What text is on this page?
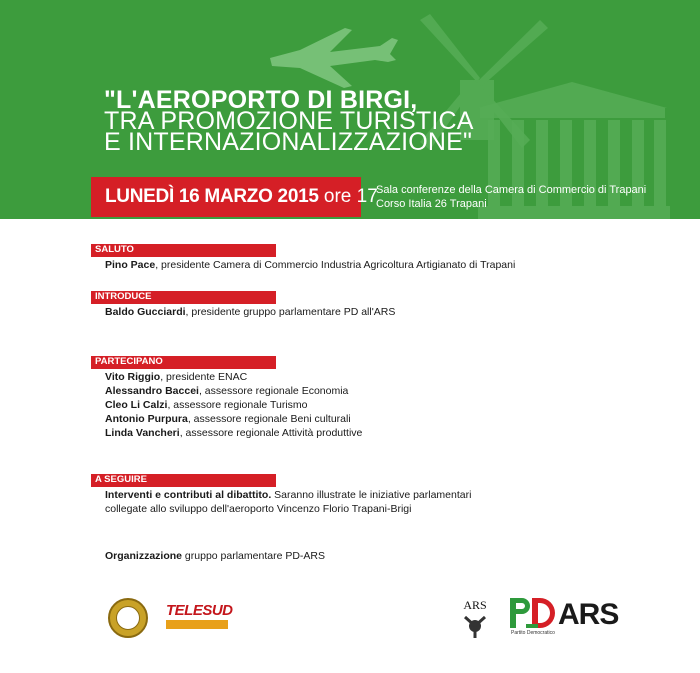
"L'AEROPORTO DI BIRGI,
TRA PROMOZIONE TURISTICA
E INTERNAZIONALIZZAZIONE"
LUNEDÌ 16 MARZO 2015 ore 17
Sala conferenze della Camera di Commercio di Trapani
Corso Italia 26 Trapani
SALUTO
Pino Pace, presidente Camera di Commercio Industria Agricoltura Artigianato di Trapani
INTRODUCE
Baldo Gucciardi, presidente gruppo parlamentare PD all'ARS
PARTECIPANO
Vito Riggio, presidente ENAC
Alessandro Baccei, assessore regionale Economia
Cleo Li Calzi, assessore regionale Turismo
Antonio Purpura, assessore regionale Beni culturali
Linda Vancheri, assessore regionale Attività produttive
A SEGUIRE
Interventi e contributi al dibattito. Saranno illustrate le iniziative parlamentari
collegate allo sviluppo dell'aeroporto Vincenzo Florio Trapani-Brigi
Organizzazione gruppo parlamentare PD-ARS
TELESUD	ARS ARS
Partito Democratico
